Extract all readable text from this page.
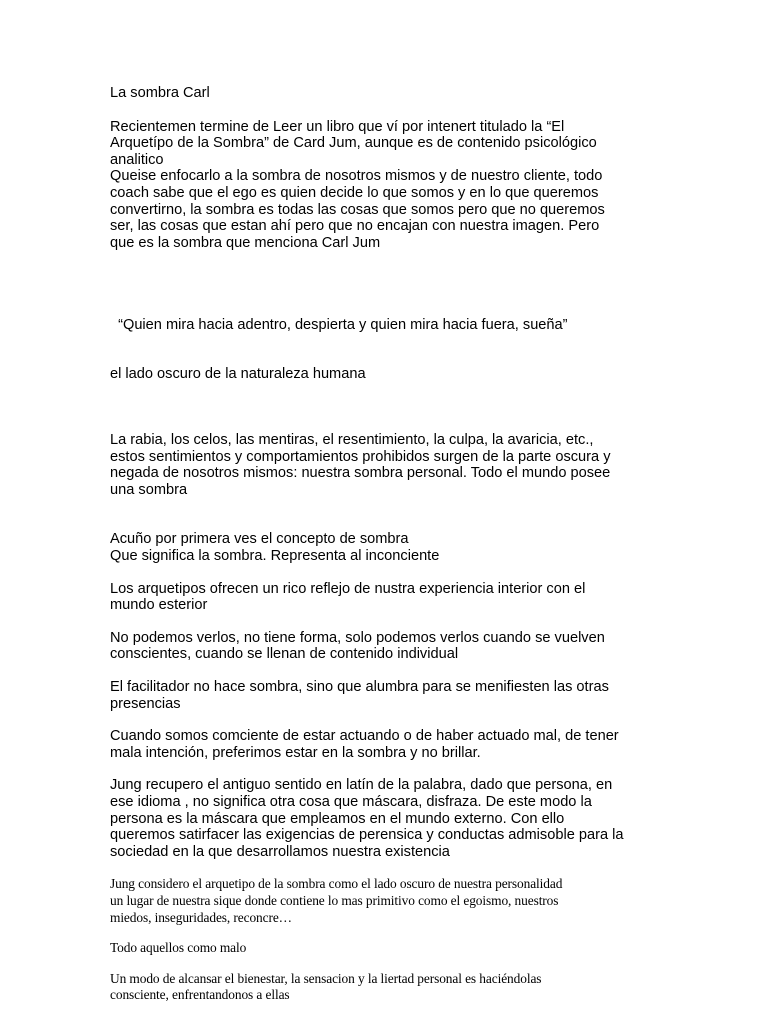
La sombra Carl

Recientemen termine de Leer un libro que ví por intenert titulado la “El
Arquetípo de la Sombra” de Card Jum, aunque es de contenido psicológico
analitico
Queise enfocarlo a la sombra de nosotros mismos y de nuestro cliente, todo
coach sabe que el ego es quien decide lo que somos y en lo que queremos
convertirno, la sombra es todas las cosas que somos pero que no queremos
ser, las cosas que estan ahí pero que no encajan con nuestra imagen. Pero
que es la sombra que menciona Carl Jum

“Quien mira hacia adentro, despierta y quien mira hacia fuera, sueña”

el lado oscuro de la naturaleza humana

La rabia, los celos, las mentiras, el resentimiento, la culpa, la avaricia, etc.,
estos sentimientos y comportamientos prohibidos surgen de la parte oscura y
negada de nosotros mismos: nuestra sombra personal. Todo el mundo posee
una sombra

Acuño por primera ves el concepto de sombra
Que significa la sombra. Representa al inconciente

Los arquetipos ofrecen un rico reflejo de nustra experiencia interior con el
mundo esterior

No podemos verlos, no tiene forma, solo podemos verlos cuando se vuelven
conscientes, cuando se llenan de contenido individual

El facilitador no hace sombra, sino que alumbra para se menifiesten las otras
presencias

Cuando somos comciente de estar actuando o de haber actuado mal, de tener
mala intención, preferimos estar en la sombra y no brillar.

Jung recupero el antiguo sentido en latín de la palabra, dado que persona, en
ese idioma , no significa otra cosa que máscara, disfraza. De este modo la
persona es la máscara que empleamos en el mundo externo. Con ello
queremos satirfacer las exigencias de perensica y conductas admisoble para la
sociedad en la que desarrollamos nuestra existencia

Jung considero el arquetipo de la sombra como el lado oscuro de nuestra personalidad
un lugar de nuestra sique donde contiene lo mas primitivo como el egoismo, nuestros
miedos, inseguridades, reconcre…

Todo aquellos como malo

Un modo de alcansar el bienestar, la sensacion y la liertad personal es haciéndolas
consciente, enfrentandonos a ellas
